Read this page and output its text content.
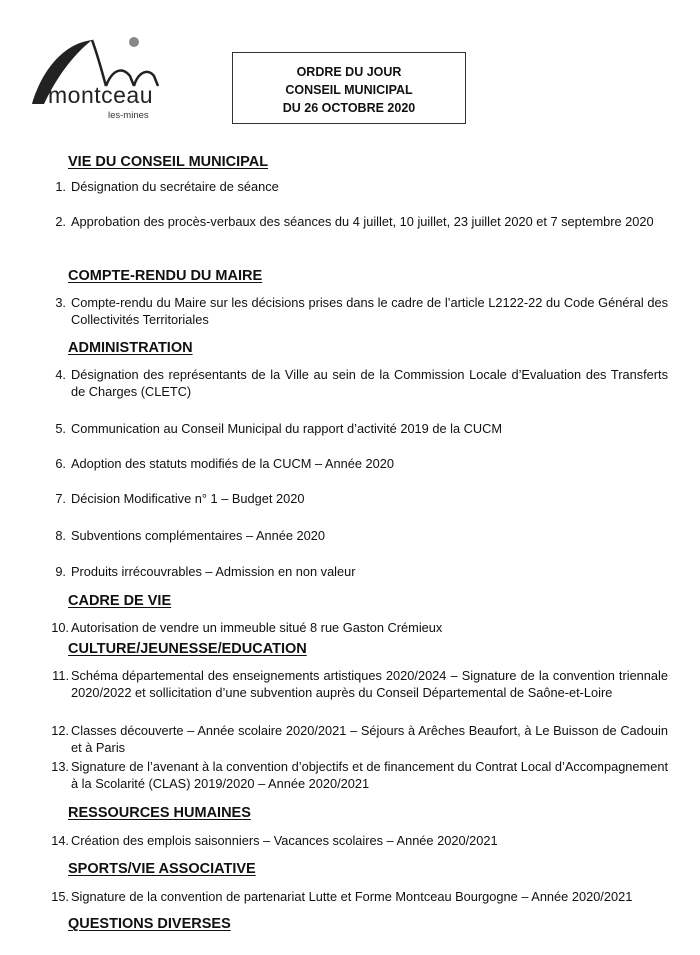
montceau
les-mines
ORDRE DU JOUR
CONSEIL MUNICIPAL
DU 26 OCTOBRE 2020
VIE DU CONSEIL MUNICIPAL
1. Désignation du secrétaire de séance
2. Approbation des procès-verbaux des séances du 4 juillet, 10 juillet, 23 juillet 2020 et 7 septembre 2020
COMPTE-RENDU DU MAIRE
3. Compte-rendu du Maire sur les décisions prises dans le cadre de l’article L2122-22 du Code Général des Collectivités Territoriales
ADMINISTRATION
4. Désignation des représentants de la Ville au sein de la Commission Locale d’Evaluation des Transferts de Charges (CLETC)
5. Communication au Conseil Municipal du rapport d’activité 2019 de la CUCM
6. Adoption des statuts modifiés de la CUCM – Année 2020
7. Décision Modificative n° 1 – Budget 2020
8. Subventions complémentaires – Année 2020
9. Produits irrécouvrables – Admission en non valeur
CADRE DE VIE
10. Autorisation de vendre un immeuble situé 8 rue Gaston Crémieux
CULTURE/JEUNESSE/EDUCATION
11. Schéma départemental des enseignements artistiques 2020/2024 – Signature de la convention triennale 2020/2022 et sollicitation d’une subvention auprès du Conseil Départemental de Saône-et-Loire
12. Classes découverte – Année scolaire 2020/2021 – Séjours à Arêches Beaufort, à Le Buisson de Cadouin et à Paris
13. Signature de l’avenant à la convention d’objectifs et de financement du Contrat Local d’Accompagnement à la Scolarité (CLAS) 2019/2020 – Année 2020/2021
RESSOURCES HUMAINES
14. Création des emplois saisonniers – Vacances scolaires – Année 2020/2021
SPORTS/VIE ASSOCIATIVE
15. Signature de la convention de partenariat Lutte et Forme Montceau Bourgogne – Année 2020/2021
QUESTIONS DIVERSES
